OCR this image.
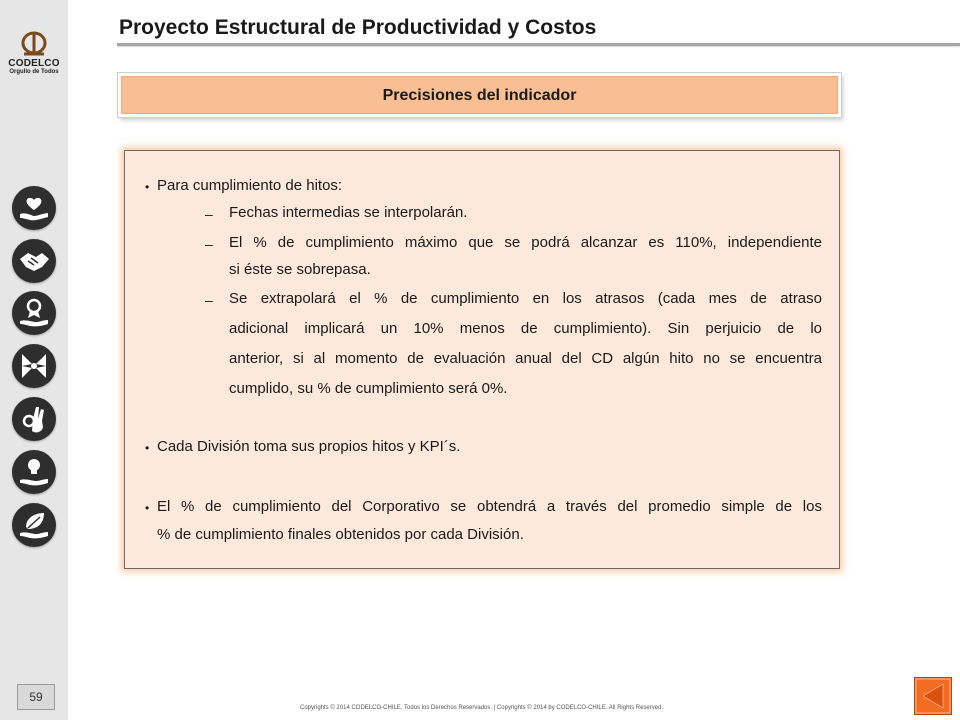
CODELCO
Orgullo de Todos
59
Proyecto Estructural de Productividad y Costos
Precisiones del indicador
• Para cumplimiento de hitos:
– Fechas intermedias se interpolarán.
– El % de cumplimiento máximo que se podrá alcanzar es 110%, independiente
si éste se sobrepasa.
– Se extrapolará el % de cumplimiento en los atrasos (cada mes de atraso
adicional implicará un 10% menos de cumplimiento). Sin perjuicio de lo
anterior, si al momento de evaluación anual del CD algún hito no se encuentra
cumplido, su % de cumplimiento será 0%.
• Cada División toma sus propios hitos y KPI´s.
• El % de cumplimiento del Corporativo se obtendrá a través del promedio simple de los
% de cumplimiento finales obtenidos por cada División.
Copyrights © 2014 CODELCO-CHILE. Todos los Derechos Reservados. | Copyrights © 2014 by CODELCO-CHILE. All Rights Reserved.
